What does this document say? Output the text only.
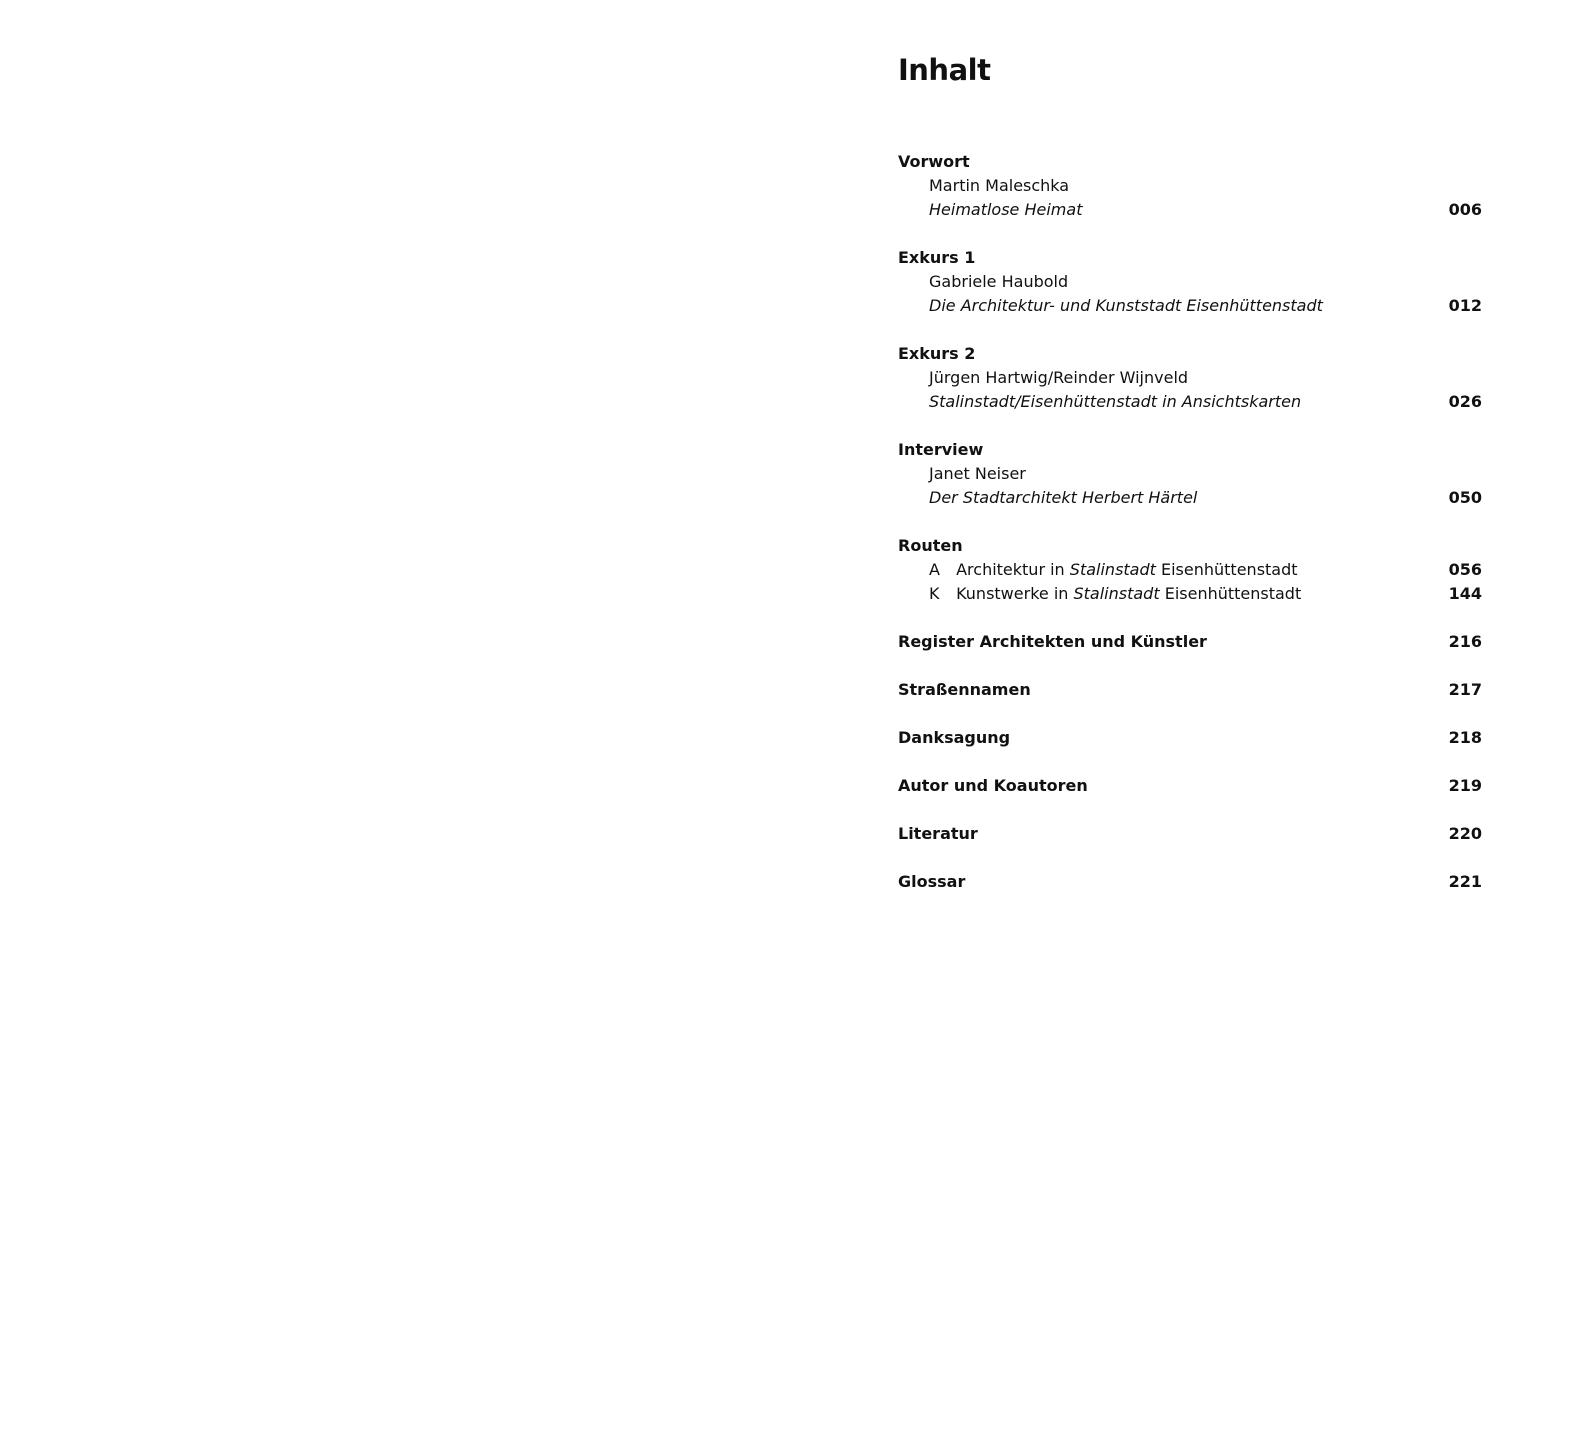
Inhalt
Vorwort
Martin Maleschka
Heimatlose Heimat	006
Exkurs 1
Gabriele Haubold
Die Architektur- und Kunststadt Eisenhüttenstadt	012
Exkurs 2
Jürgen Hartwig/Reinder Wijnveld
Stalinstadt/Eisenhüttenstadt in Ansichtskarten	026
Interview
Janet Neiser
Der Stadtarchitekt Herbert Härtel	050
Routen
A Architektur in Stalinstadt Eisenhüttenstadt	056
K Kunstwerke in Stalinstadt Eisenhüttenstadt	144
Register Architekten und Künstler	216
Straßennamen	217
Danksagung	218
Autor und Koautoren	219
Literatur	220
Glossar	221
